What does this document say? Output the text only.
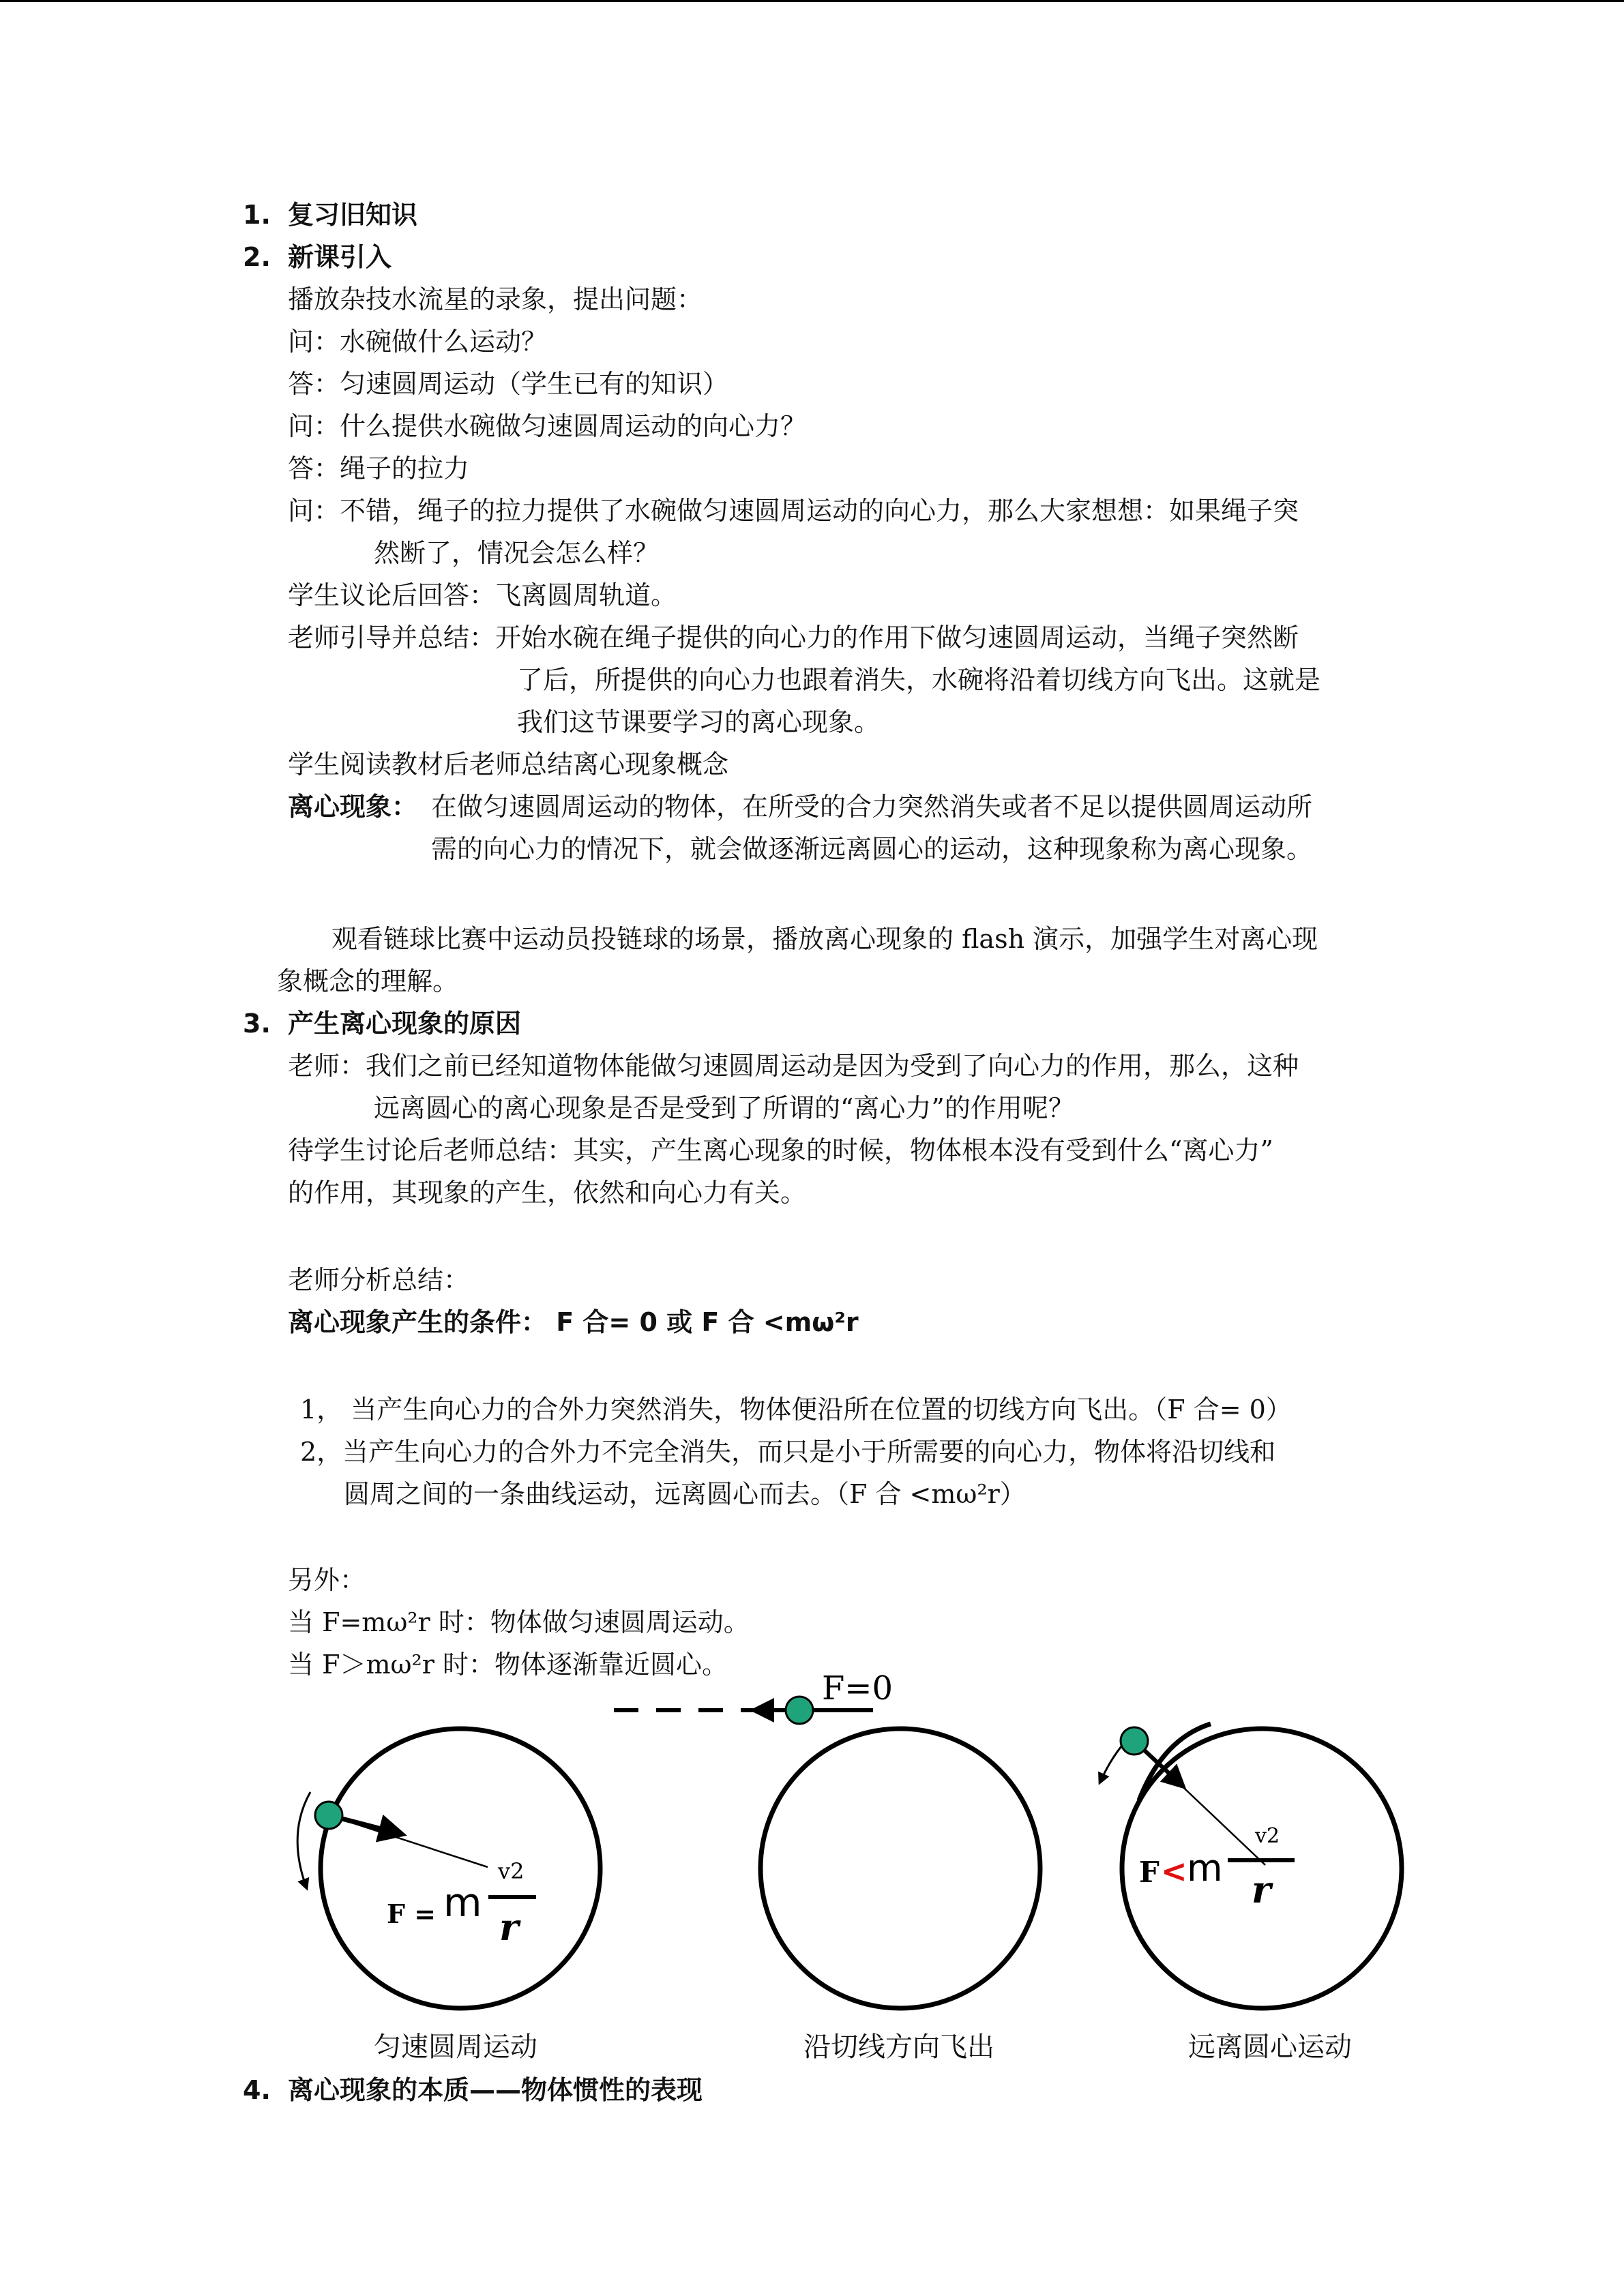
1. 复习旧知识
2. 新课引入
播放杂技水流星的录象，提出问题：
问：水碗做什么运动？
答：匀速圆周运动（学生已有的知识）
问：什么提供水碗做匀速圆周运动的向心力？
答：绳子的拉力
问：不错，绳子的拉力提供了水碗做匀速圆周运动的向心力，那么大家想想：如果绳子突
然断了，情况会怎么样？
学生议论后回答：飞离圆周轨道。
老师引导并总结：开始水碗在绳子提供的向心力的作用下做匀速圆周运动，当绳子突然断
了后，所提供的向心力也跟着消失，水碗将沿着切线方向飞出。这就是
我们这节课要学习的离心现象。
学生阅读教材后老师总结离心现象概念
离心现象： 在做匀速圆周运动的物体，在所受的合力突然消失或者不足以提供圆周运动所
需的向心力的情况下，就会做逐渐远离圆心的运动，这种现象称为离心现象。
观看链球比赛中运动员投链球的场景，播放离心现象的 flash 演示，加强学生对离心现
象概念的理解。
3. 产生离心现象的原因
老师：我们之前已经知道物体能做匀速圆周运动是因为受到了向心力的作用，那么，这种
远离圆心的离心现象是否是受到了所谓的“离心力”的作用呢？
待学生讨论后老师总结：其实，产生离心现象的时候，物体根本没有受到什么“离心力”
的作用，其现象的产生，依然和向心力有关。
老师分析总结：
离心现象产生的条件： F 合= 0 或 F 合 <mω²r
1， 当产生向心力的合外力突然消失，物体便沿所在位置的切线方向飞出。（F 合= 0）
2，当产生向心力的合外力不完全消失，而只是小于所需要的向心力，物体将沿切线和
圆周之间的一条曲线运动，远离圆心而去。（F 合 <mω²r）
另外：
当 F=mω²r 时：物体做匀速圆周运动。
当 F＞mω²r 时：物体逐渐靠近圆心。
F = m
v2
r
F=0
F < m
v2
r
匀速圆周运动	沿切线方向飞出	远离圆心运动
4. 离心现象的本质——物体惯性的表现
